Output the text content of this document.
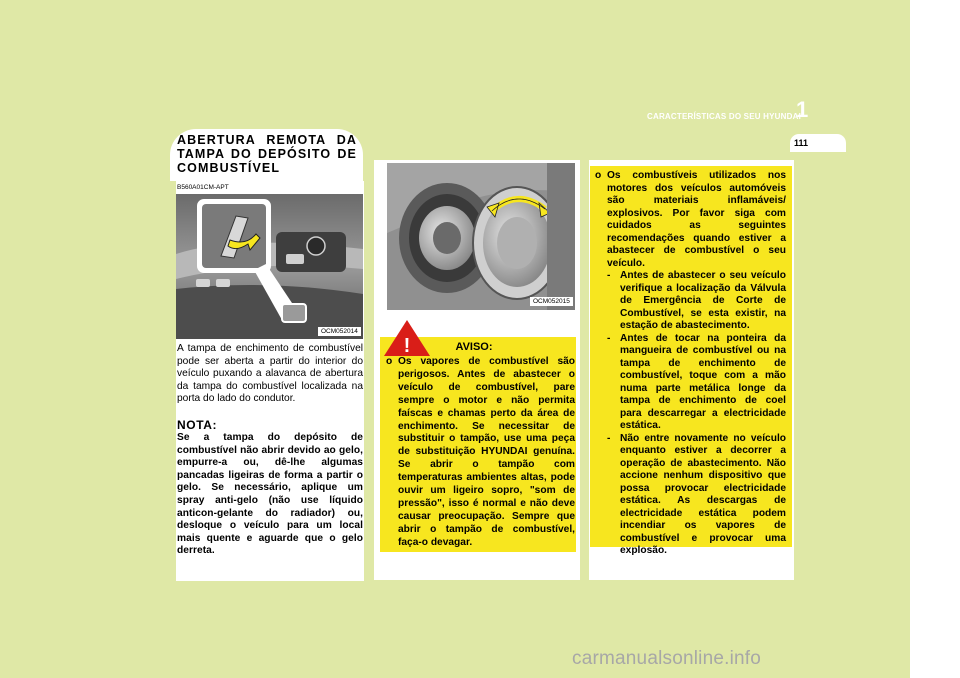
CARACTERÍSTICAS DO SEU HYUNDAI
1
111
ABERTURA REMOTA DA TAMPA DO DEPÓSITO DE COMBUSTÍVEL
B560A01CM-APT
OCM052014
A tampa de enchimento de combustível pode ser aberta a partir do interior do veículo puxando a alavanca de abertura da tampa do combustível localizada na porta do lado do condutor.
NOTA:
Se a tampa do depósito de combustível não abrir devido ao gelo, empurre-a ou, dê-lhe algumas pancadas ligeiras de forma a partir o gelo. Se necessário, aplique um spray anti-gelo (não use líquido anticon-gelante do radiador) ou, desloque o veículo para um local mais quente e aguarde que o gelo derreta.
OCM052015
!	AVISO:
o Os vapores de combustível são perigosos. Antes de abastecer o veículo de combustível, pare sempre o motor e não permita faíscas e chamas perto da área de enchimento. Se necessitar de substituir o tampão, use uma peça de substituição HYUNDAI genuína. Se abrir o tampão com temperaturas ambientes altas, pode ouvir um ligeiro sopro, "som de pressão", isso é normal e não deve causar preocupação. Sempre que abrir o tampão de combustível, faça-o devagar.
o Os combustíveis utilizados nos motores dos veículos automóveis são materiais inflamáveis/ explosivos. Por favor siga com cuidados as seguintes recomendações quando estiver a abastecer de combustível o seu veículo.
- Antes de abastecer o seu veículo verifique a localização da Válvula de Emergência de Corte de Combustível, se esta existir, na estação de abastecimento.
- Antes de tocar na ponteira da mangueira de combustível ou na tampa de enchimento de combustível, toque com a mão numa parte metálica longe da tampa de enchimento de coel para descarregar a electricidade estática.
- Não entre novamente no veículo enquanto estiver a decorrer a operação de abastecimento. Não accione nenhum dispositivo que possa provocar electricidade estática. As descargas de electricidade estática podem incendiar os vapores de combustível e provocar uma explosão.
carmanualsonline.info
